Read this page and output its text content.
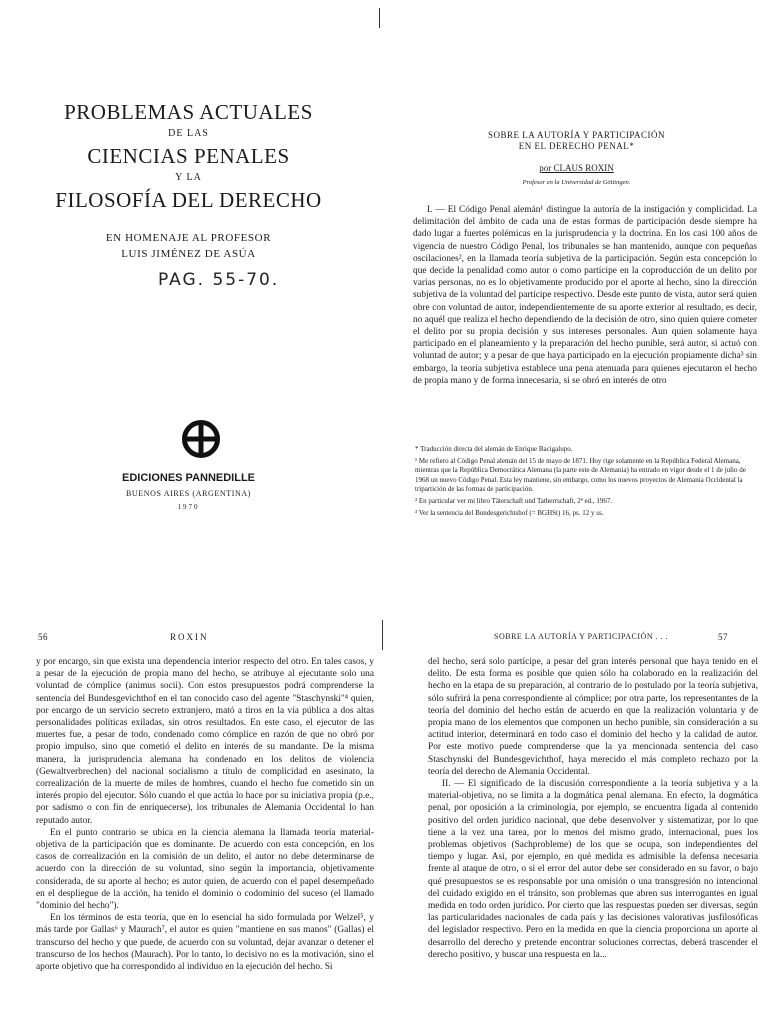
PROBLEMAS ACTUALES
DE LAS
CIENCIAS PENALES
Y LA
FILOSOFÍA DEL DERECHO
EN HOMENAJE AL PROFESOR
LUIS JIMÉNEZ DE ASÚA
PAG. 55-70.
EDICIONES PANNEDILLE
BUENOS AIRES (ARGENTINA)
1970
SOBRE LA AUTORÍA Y PARTICIPACIÓN
EN EL DERECHO PENAL*
por CLAUS ROXIN
Profesor en la Universidad de Göttingen.

I. — El Código Penal alemán¹ distingue la autoría de la instigación y complicidad. La delimitación del ámbito de cada una de estas formas de participación desde siempre ha dado lugar a fuertes polémicas en la jurisprudencia y la doctrina. En los casi 100 años de vigencia de nuestro Código Penal, los tribunales se han mantenido, aunque con pequeñas oscilaciones², en la llamada teoría subjetiva de la participación. Según esta concepción lo que decide la penalidad como autor o como partícipe en la coproducción de un delito por varias personas, no es lo objetivamente producido por el aporte al hecho, sino la dirección subjetiva de la voluntad del partícipe respectivo. Desde este punto de vista, autor será quien obre con voluntad de autor, independientemente de su aporte exterior al resultado, es decir, no aquél que realiza el hecho dependiendo de la decisión de otro, sino quien quiere cometer el delito por su propia decisión y sus intereses personales. Aun quien solamente haya participado en el planeamiento y la preparación del hecho punible, será autor, si actuó con voluntad de autor; y a pesar de que haya participado en la ejecución propiamente dicha³ sin embargo, la teoría subjetiva establece una pena atenuada para quienes ejecutaron el hecho de propia mano y de forma innecesaria, si se obró en interés de otro

* Traducción directa del alemán de Enrique Bacigalupo.
¹ Me refiero al Código Penal alemán del 15 de mayo de 1871. Hoy rige solamente en la República Federal Alemana, mientras que la República Democrática Alemana (la parte este de Alemania) ha entrado en vigor desde el 1 de julio de 1968 un nuevo Código Penal. Esta ley mantiene, sin embargo, como los nuevos proyectos de Alemania Occidental la tripartición de las formas de participación.
² En particular ver mi libro Täterschaft und Tatherrschaft, 2ª ed., 1967.
³ Ver la sentencia del Bundesgerichtshof (= BGHSt) 16, ps. 12 y ss.
56	ROXIN

y por encargo, sin que exista una dependencia interior respecto del otro. En tales casos, y a pesar de la ejecución de propia mano del hecho, se atribuye al ejecutante solo una voluntad de cómplice (animus socii). Con estos presupuestos podrá comprenderse la sentencia del Bundesgevichthof en el tan conocido caso del agente "Staschynski"⁴ quien, por encargo de un servicio secreto extranjero, mató a tiros en la vía pública a dos altas personalidades políticas exiladas, sin otros resultados. En este caso, el ejecutor de las muertes fue, a pesar de todo, condenado como cómplice en razón de que no obró por propio impulso, sino que cometió el delito en interés de su mandante. De la misma manera, la jurisprudencia alemana ha condenado en los delitos de violencia (Gewaltverbrechen) del nacional socialismo a título de complicidad en asesinato, la correalización de la muerte de miles de hombres, cuando el hecho fue cometido sin un interés propio del ejecutor. Sólo cuando el que actúa lo hace por su iniciativa propia (p.e., por sadismo o con fin de enriquecerse), los tribunales de Alemania Occidental lo han reputado autor.

En el punto contrario se ubica en la ciencia alemana la llamada teoría material-objetiva de la participación que es dominante. De acuerdo con esta concepción, en los casos de correalización en la comisión de un delito, el autor no debe determinarse de acuerdo con la dirección de su voluntad, sino según la importancia, objetivamente considerada, de su aporte al hecho; es autor quien, de acuerdo con el papel desempeñado en el despliegue de la acción, ha tenido el dominio o codominio del suceso (el llamado "dominio del hecho").

En los términos de esta teoría, que en lo esencial ha sido formulada por Welzel⁵, y más tarde por Gallas⁶ y Maurach⁷, el autor es quien "mantiene en sus manos" (Gallas) el transcurso del hecho y que puede, de acuerdo con su voluntad, dejar avanzar o detener el transcurso de los hechos (Maurach). Por lo tanto, lo decisivo no es la motivación, sino el aporte objetivo que ha correspondido al individuo en la ejecución del hecho. Si

SOBRE LA AUTORÍA Y PARTICIPACIÓN . . .	57

del hecho, será solo partícipe, a pesar del gran interés personal que haya tenido en el delito. De esta forma es posible que quien sólo ha colaborado en la realización del hecho en la etapa de su preparación, al contrario de lo postulado por la teoría subjetiva, sólo sufrirá la pena correspondiente al cómplice; por otra parte, los representantes de la teoría del dominio del hecho están de acuerdo en que la realización voluntaria y de propia mano de los elementos que componen un hecho punible, sin consideración a su actitud interior, determinará en todo caso el dominio del hecho y la calidad de autor. Por este motivo puede comprenderse que la ya mencionada sentencia del caso Staschynski del Bundesgevichthof, haya merecido el más completo rechazo por la teoría del derecho de Alemania Occidental.

II. — El significado de la discusión correspondiente a la teoría subjetiva y a la material-objetiva, no se limita a la dogmática penal alemana. En efecto, la dogmática penal, por oposición a la criminología, por ejemplo, se encuentra ligada al contenido positivo del orden jurídico nacional, que debe desenvolver y sistematizar, por lo que tiene a la vez una tarea, por lo menos del mismo grado, internacional, pues los problemas objetivos (Sachprobleme) de los que se ocupa, son independientes del tiempo y lugar. Así, por ejemplo, en qué medida es admisible la defensa necesaria frente al ataque de otro, o si el error del autor debe ser considerado en su favor, o bajo qué presupuestos se es responsable por una omisión o una transgresión no intencional del cuidado exigido en el tránsito, son problemas que abren sus interrogantes en igual medida en todo orden jurídico. Por cierto que las respuestas pueden ser diversas, según las particularidades nacionales de cada país y las decisiones valorativas jusfilosóficas del legislador respectivo. Pero en la medida en que la ciencia proporciona un aporte al desarrollo del derecho y pretende encontrar soluciones correctas, deberá trascender el derecho positivo, y buscar una respuesta en la...
